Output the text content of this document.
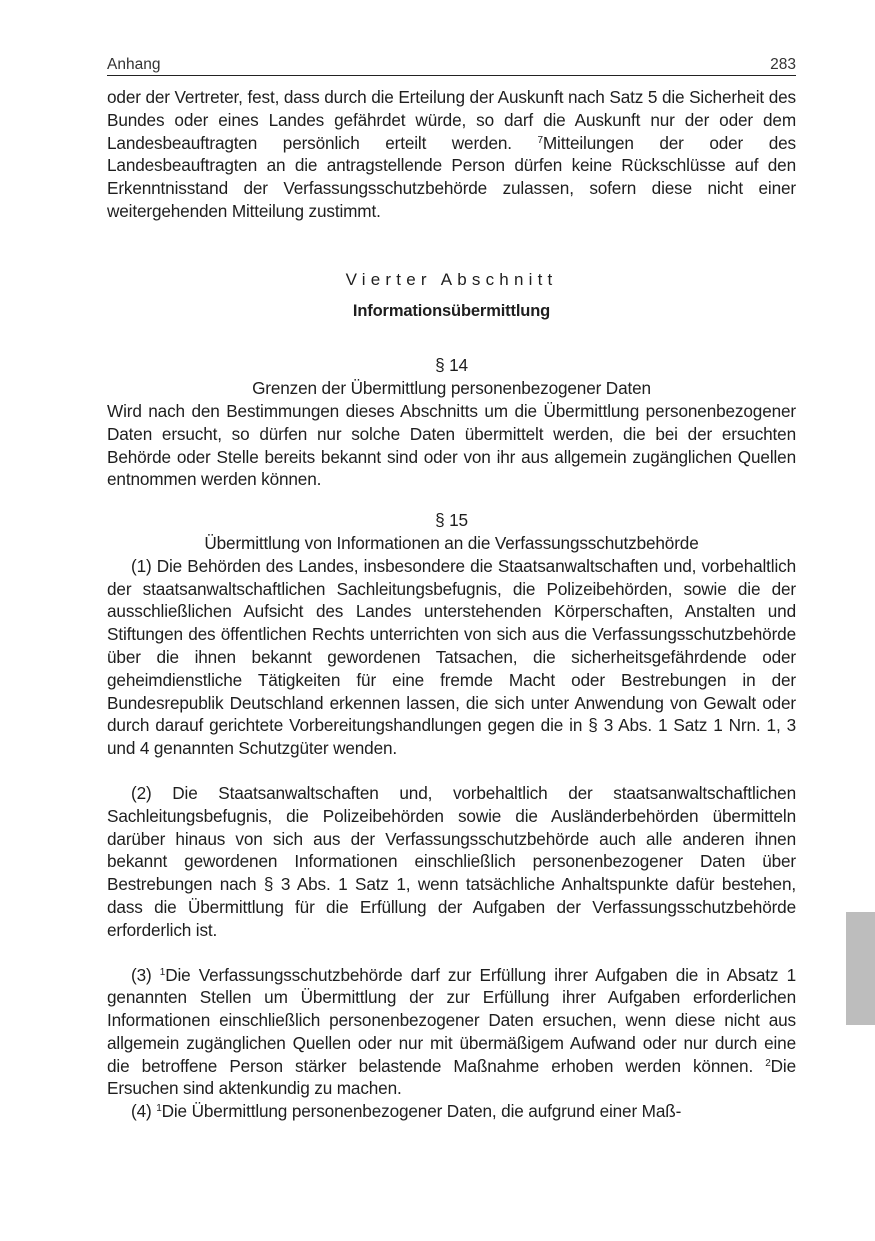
Anhang	283

oder der Vertreter, fest, dass durch die Erteilung der Auskunft nach Satz 5 die Sicherheit des Bundes oder eines Landes gefährdet würde, so darf die Auskunft nur der oder dem Landesbeauftragten persönlich erteilt werden. $^7$Mitteilungen der oder des Landesbeauftragten an die antragstellende Person dürfen keine Rückschlüsse auf den Erkenntnisstand der Verfassungsschutzbehörde zulassen, sofern diese nicht einer weitergehenden Mitteilung zustimmt.

Vierter Abschnitt

Informationsübermittlung

§ 14

Grenzen der Übermittlung personenbezogener Daten

Wird nach den Bestimmungen dieses Abschnitts um die Übermittlung personenbezogener Daten ersucht, so dürfen nur solche Daten übermittelt werden, die bei der ersuchten Behörde oder Stelle bereits bekannt sind oder von ihr aus allgemein zugänglichen Quellen entnommen werden können.

§ 15

Übermittlung von Informationen an die Verfassungsschutzbehörde

(1) Die Behörden des Landes, insbesondere die Staatsanwaltschaften und, vorbehaltlich der staatsanwaltschaftlichen Sachleitungsbefugnis, die Polizeibehörden, sowie die der ausschließlichen Aufsicht des Landes unterstehenden Körperschaften, Anstalten und Stiftungen des öffentlichen Rechts unterrichten von sich aus die Verfassungsschutzbehörde über die ihnen bekannt gewordenen Tatsachen, die sicherheitsgefährdende oder geheimdienstliche Tätigkeiten für eine fremde Macht oder Bestrebungen in der Bundesrepublik Deutschland erkennen lassen, die sich unter Anwendung von Gewalt oder durch darauf gerichtete Vorbereitungshandlungen gegen die in § 3 Abs. 1 Satz 1 Nrn. 1, 3 und 4 genannten Schutzgüter wenden.

(2) Die Staatsanwaltschaften und, vorbehaltlich der staatsanwaltschaftlichen Sachleitungsbefugnis, die Polizeibehörden sowie die Ausländerbehörden übermitteln darüber hinaus von sich aus der Verfassungsschutzbehörde auch alle anderen ihnen bekannt gewordenen Informationen einschließlich personenbezogener Daten über Bestrebungen nach § 3 Abs. 1 Satz 1, wenn tatsächliche Anhaltspunkte dafür bestehen, dass die Übermittlung für die Erfüllung der Aufgaben der Verfassungsschutzbehörde erforderlich ist.

(3) $^1$Die Verfassungsschutzbehörde darf zur Erfüllung ihrer Aufgaben die in Absatz 1 genannten Stellen um Übermittlung der zur Erfüllung ihrer Aufgaben erforderlichen Informationen einschließlich personenbezogener Daten ersuchen, wenn diese nicht aus allgemein zugänglichen Quellen oder nur mit übermäßigem Aufwand oder nur durch eine die betroffene Person stärker belastende Maßnahme erhoben werden können. $^2$Die Ersuchen sind aktenkundig zu machen.

(4) $^1$Die Übermittlung personenbezogener Daten, die aufgrund einer Maß-
